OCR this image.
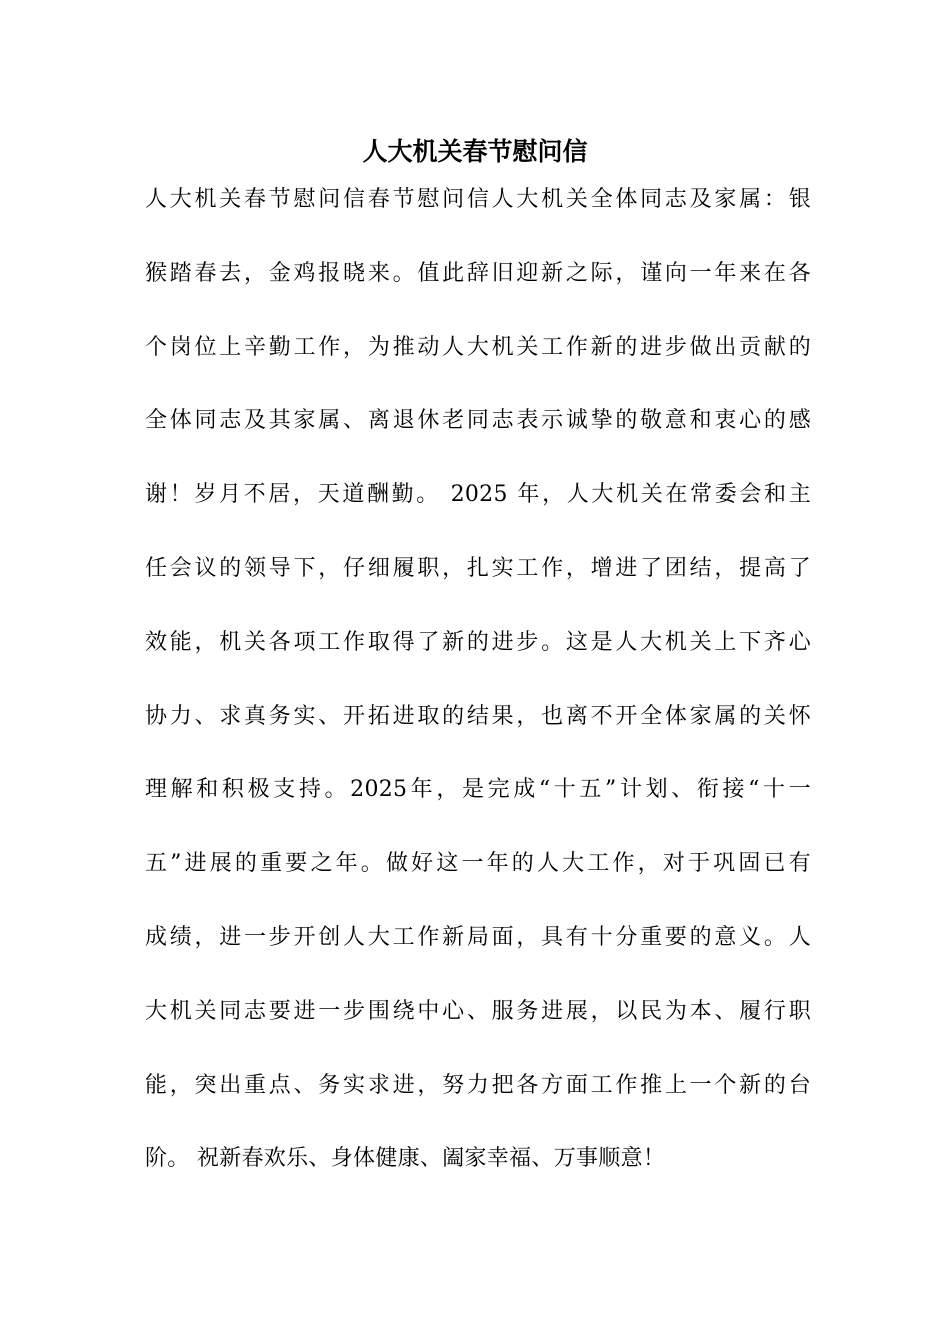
人大机关春节慰问信
人大机关春节慰问信春节慰问信人大机关全体同志及家属：银
猴踏春去，金鸡报晓来。值此辞旧迎新之际，谨向一年来在各
个岗位上辛勤工作，为推动人大机关工作新的进步做出贡献的
全体同志及其家属、离退休老同志表示诚挚的敬意和衷心的感
谢！岁月不居，天道酬勤。 2025 年，人大机关在常委会和主
任会议的领导下，仔细履职，扎实工作，增进了团结，提高了
效能，机关各项工作取得了新的进步。这是人大机关上下齐心
协力、求真务实、开拓进取的结果，也离不开全体家属的关怀
理解和积极支持。2025年，是完成“十五”计划、衔接“十一
五”进展的重要之年。做好这一年的人大工作，对于巩固已有
成绩，进一步开创人大工作新局面，具有十分重要的意义。人
大机关同志要进一步围绕中心、服务进展，以民为本、履行职
能，突出重点、务实求进，努力把各方面工作推上一个新的台
阶。 祝新春欢乐、身体健康、阖家幸福、万事顺意！
